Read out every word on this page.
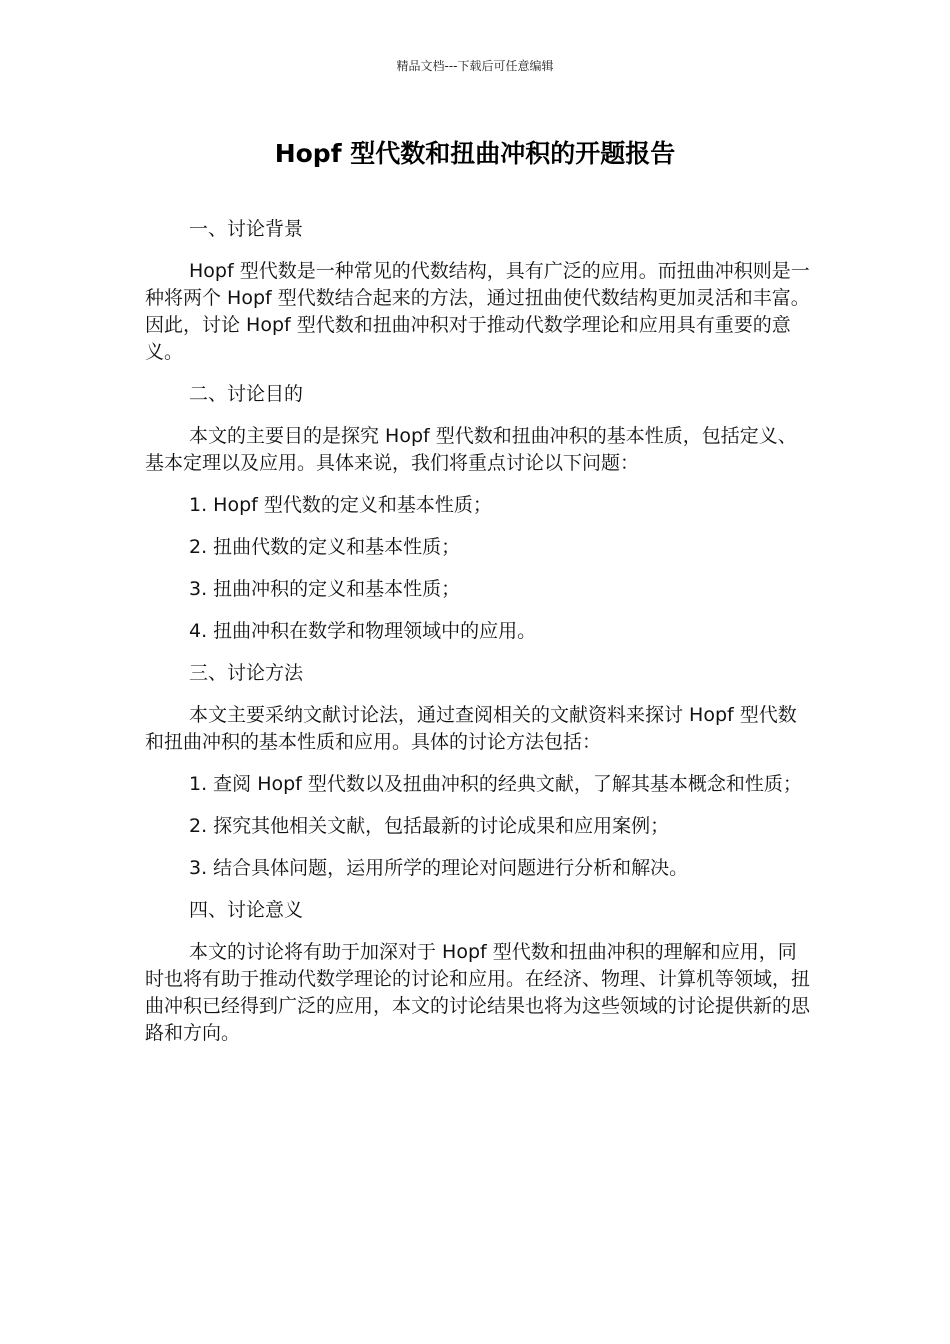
精品文档---下载后可任意编辑
Hopf 型代数和扭曲冲积的开题报告

一、讨论背景

Hopf 型代数是一种常见的代数结构，具有广泛的应用。而扭曲冲积则是一种将两个 Hopf 型代数结合起来的方法，通过扭曲使代数结构更加灵活和丰富。因此，讨论 Hopf 型代数和扭曲冲积对于推动代数学理论和应用具有重要的意义。

二、讨论目的

本文的主要目的是探究 Hopf 型代数和扭曲冲积的基本性质，包括定义、基本定理以及应用。具体来说，我们将重点讨论以下问题：

1. Hopf 型代数的定义和基本性质；

2. 扭曲代数的定义和基本性质；

3. 扭曲冲积的定义和基本性质；

4. 扭曲冲积在数学和物理领域中的应用。

三、讨论方法

本文主要采纳文献讨论法，通过查阅相关的文献资料来探讨 Hopf 型代数和扭曲冲积的基本性质和应用。具体的讨论方法包括：

1. 查阅 Hopf 型代数以及扭曲冲积的经典文献，了解其基本概念和性质；

2. 探究其他相关文献，包括最新的讨论成果和应用案例；

3. 结合具体问题，运用所学的理论对问题进行分析和解决。

四、讨论意义

本文的讨论将有助于加深对于 Hopf 型代数和扭曲冲积的理解和应用，同时也将有助于推动代数学理论的讨论和应用。在经济、物理、计算机等领域，扭曲冲积已经得到广泛的应用，本文的讨论结果也将为这些领域的讨论提供新的思路和方向。
